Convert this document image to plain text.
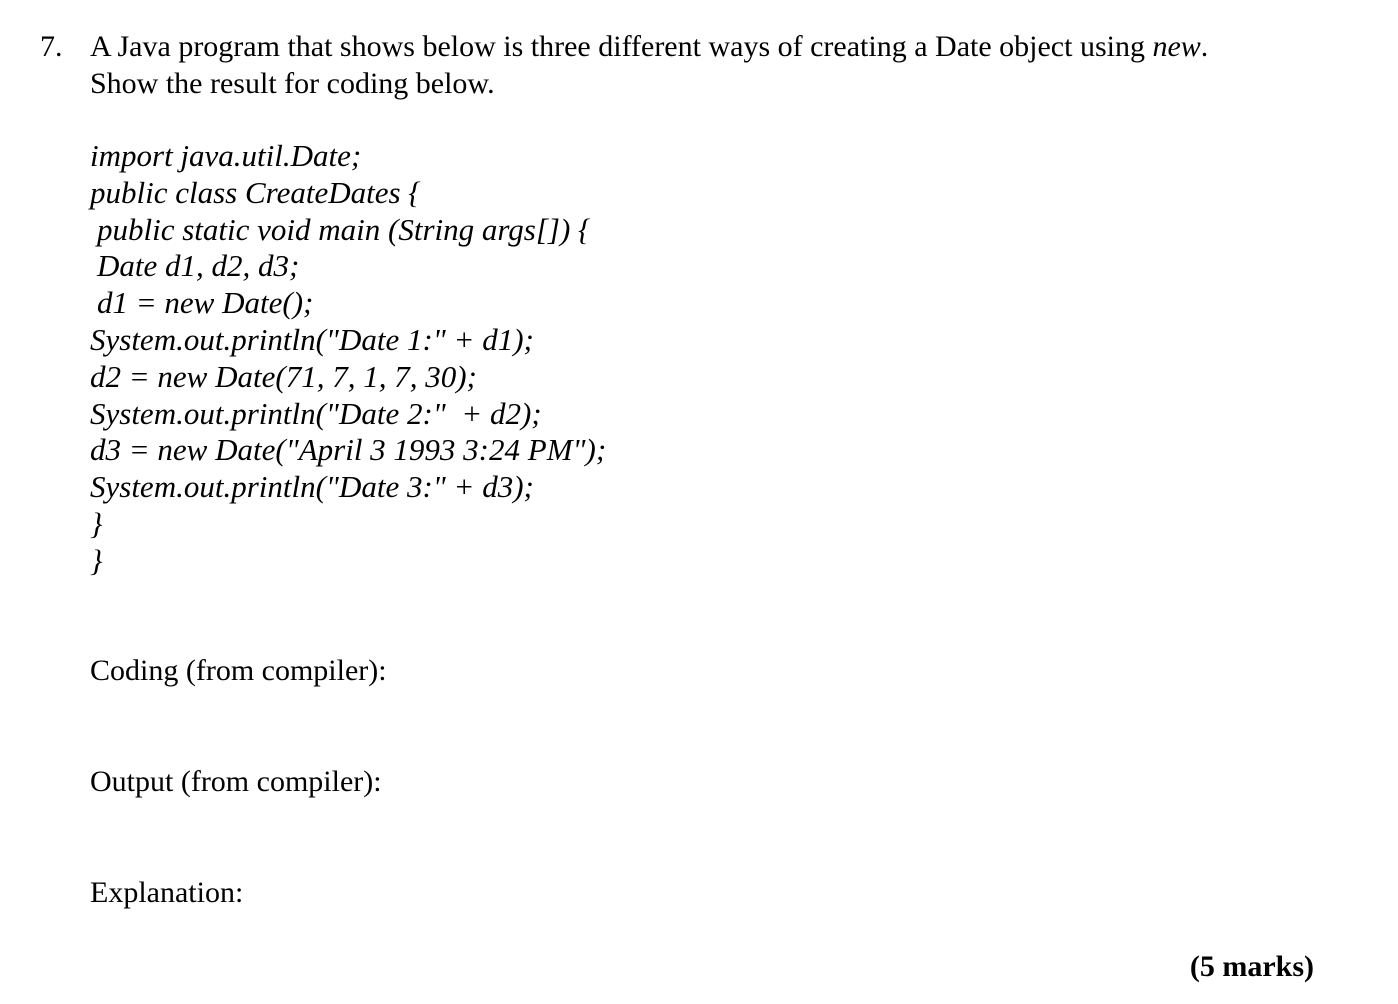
7. A Java program that shows below is three different ways of creating a Date object using new.
Show the result for coding below.
import java.util.Date;
public class CreateDates {
public static void main (String args[]) {
Date d1, d2, d3;
d1 = new Date();
System.out.println("Date 1:" + d1);
d2 = new Date(71, 7, 1, 7, 30);
System.out.println("Date 2:"  + d2);
d3 = new Date("April 3 1993 3:24 PM");
System.out.println("Date 3:" + d3);
}
}
Coding (from compiler):
Output (from compiler):
Explanation:
(5 marks)
